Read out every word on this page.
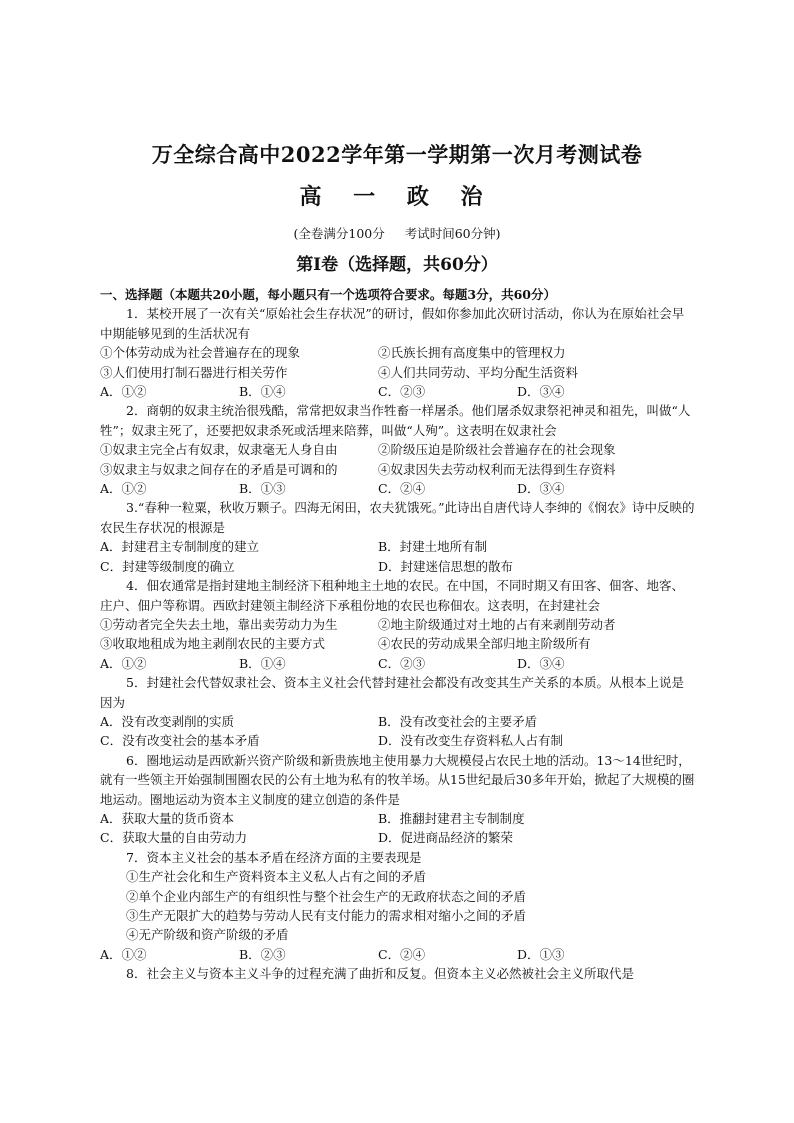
万全综合高中2022学年第一学期第一次月考测试卷
高 一 政 治
(全卷满分100分 考试时间60分钟)
第Ⅰ卷（选择题，共60分）

一、选择题（本题共20小题，每小题只有一个选项符合要求。每题3分，共60分）

1．某校开展了一次有关“原始社会生存状况”的研讨，假如你参加此次研讨活动，你认为在原始社会早中期能够见到的生活状况有

①个体劳动成为社会普遍存在的现象	②氏族长拥有高度集中的管理权力
③人们使用打制石器进行相关劳作	④人们共同劳动、平均分配生活资料
A．①②	B．①④	C．②③	D．③④

2．商朝的奴隶主统治很残酷，常常把奴隶当作牲畜一样屠杀。他们屠杀奴隶祭祀神灵和祖先，叫做“人牲”；奴隶主死了，还要把奴隶杀死或活埋来陪葬，叫做“人殉”。这表明在奴隶社会

①奴隶主完全占有奴隶，奴隶毫无人身自由	②阶级压迫是阶级社会普遍存在的社会现象
③奴隶主与奴隶之间存在的矛盾是可调和的	④奴隶因失去劳动权利而无法得到生存资料
A．①②	B．①③	C．②④	D．③④

3.“春种一粒粟，秋收万颗子。四海无闲田，农夫犹饿死。”此诗出自唐代诗人李绅的《悯农》诗中反映的农民生存状况的根源是

A．封建君主专制制度的建立	B．封建土地所有制
C．封建等级制度的确立	D．封建迷信思想的散布

4．佃农通常是指封建地主制经济下租种地主土地的农民。在中国，不同时期又有田客、佃客、地客、庄户、佃户等称谓。西欧封建领主制经济下承租份地的农民也称佃农。这表明，在封建社会

①劳动者完全失去土地，靠出卖劳动力为生	②地主阶级通过对土地的占有来剥削劳动者
③收取地租成为地主剥削农民的主要方式	④农民的劳动成果全部归地主阶级所有
A．①②	B．①④	C．②③	D．③④

5．封建社会代替奴隶社会、资本主义社会代替封建社会都没有改变其生产关系的本质。从根本上说是因为

A．没有改变剥削的实质	B．没有改变社会的主要矛盾
C．没有改变社会的基本矛盾	D．没有改变生存资料私人占有制

6．圈地运动是西欧新兴资产阶级和新贵族地主使用暴力大规模侵占农民土地的活动。13～14世纪时，就有一些领主开始强制围圈农民的公有土地为私有的牧羊场。从15世纪最后30多年开始，掀起了大规模的圈地运动。圈地运动为资本主义制度的建立创造的条件是

A．获取大量的货币资本	B．推翻封建君主专制制度
C．获取大量的自由劳动力	D．促进商品经济的繁荣

7．资本主义社会的基本矛盾在经济方面的主要表现是

①生产社会化和生产资料资本主义私人占有之间的矛盾

②单个企业内部生产的有组织性与整个社会生产的无政府状态之间的矛盾

③生产无限扩大的趋势与劳动人民有支付能力的需求相对缩小之间的矛盾

④无产阶级和资产阶级的矛盾

A．①②	B．②③	C．②④	D．①③

8．社会主义与资本主义斗争的过程充满了曲折和反复。但资本主义必然被社会主义所取代是
